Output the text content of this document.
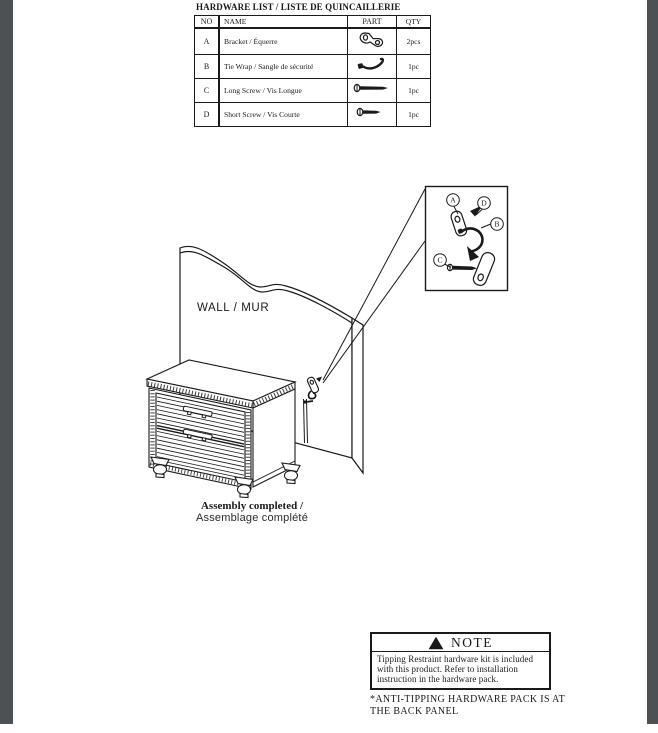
HARDWARE LIST / LISTE DE QUINCAILLERIE
NO	NAME	PART	QTY
A	Bracket / Équerre		2pcs
B	Tie Wrap / Sangle de sécurité		1pc
C	Long Screw / Vis Longue		1pc
D	Short Screw / Vis Courte		1pc
WALL / MUR
A	D
B
C
Assembly completed /
Assemblage complété
! NOTE
Tipping Restraint hardware kit is included with this product. Refer to installation instruction in the hardware pack.
*ANTI-TIPPING HARDWARE PACK IS AT
THE BACK PANEL
